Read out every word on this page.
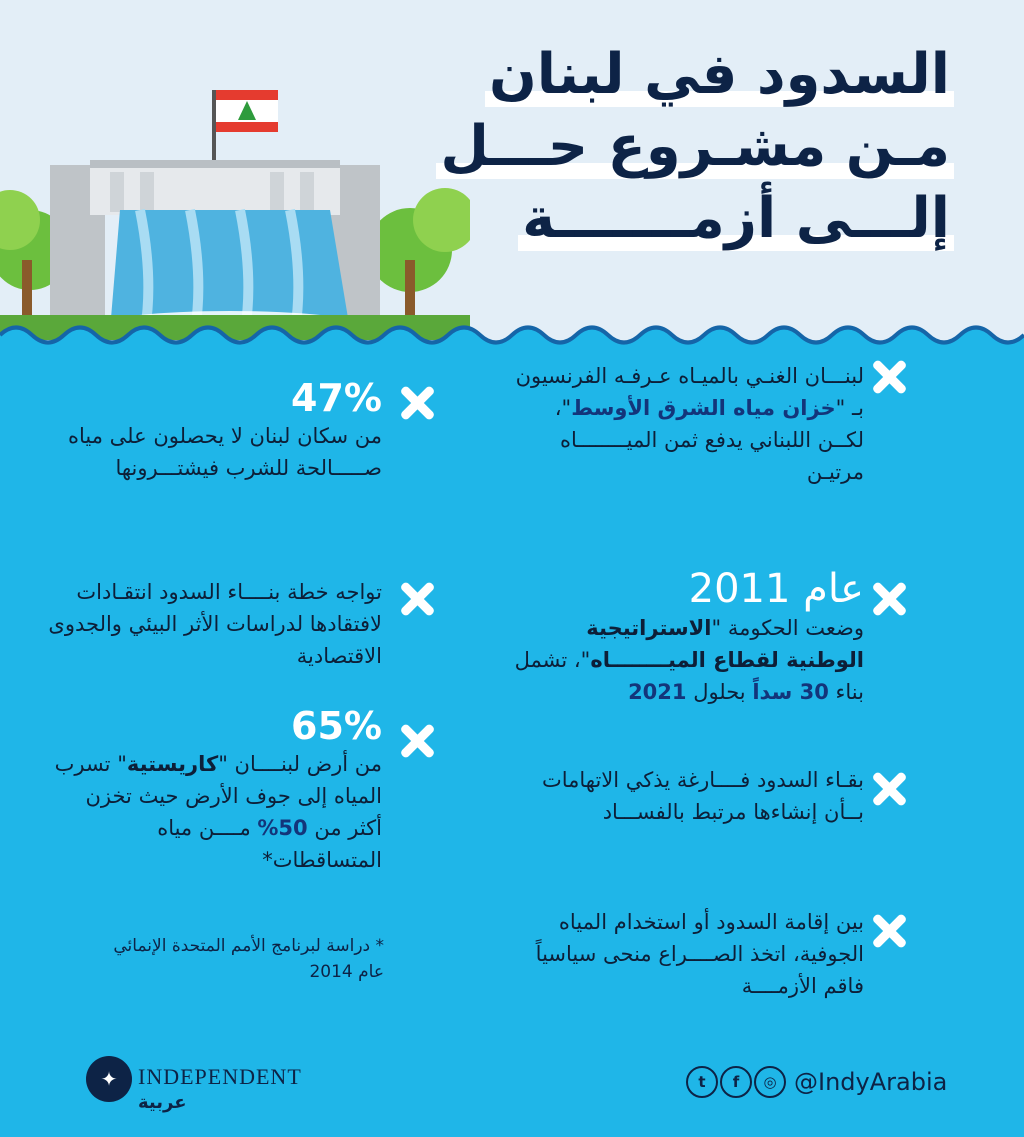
السدود في لبنان
مـن مشـروع حـــل
إلـــى أزمـــــــة
لبنـــان الغنـي بالميـاه عـرفـه الفرنسيون بـ "خزان مياه الشرق الأوسط"، لكــن اللبناني يدفع ثمن الميــــــــاه مرتيـن
عام 2011
وضعت الحكومة "الاستراتيجية الوطنية لقطاع الميــــــــاه"، تشمل بناء 30 سداً بحلول 2021
بقـاء السدود فــــارغة يذكي الاتهامات بــأن إنشاءها مرتبط بالفســـاد
بين إقامة السدود أو استخدام المياه الجوفية، اتخذ الصــــراع منحى سياسياً فاقم الأزمــــة
47%
من سكان لبنان لا يحصلون على مياه صـــــالحة للشرب فيشتـــرونها
تواجه خطة بنــــاء السدود انتقـادات لافتقادها لدراسات الأثر البيئي والجدوى الاقتصادية
65%
من أرض لبنــــان "كاريستية" تسرب المياه إلى جوف الأرض حيث تخزن أكثر من 50% مــــن مياه المتساقطات*
* دراسة لبرنامج الأمم المتحدة الإنمائي عام 2014
✦ INDEPENDENT
عربية
t	f	◎ @IndyArabia
